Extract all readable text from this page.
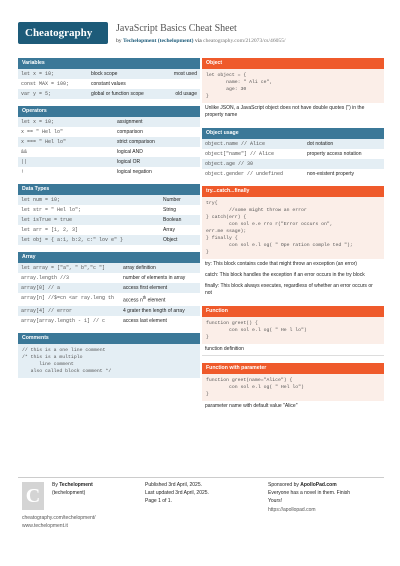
Cheatography	JavaScript Basics Cheat Sheet
by Techelopment (techelopment) via cheatography.com/212073/cs/46055/
Variables
let x = 10;	block scope	most used
const MAX = 100;	constant values	
var y = 5;	global or function scope	old usage
Operators
let x = 10;	assignment
x == " Hel lo"	comparison
x === " Hel lo"	strict comparison
&&	logical AND
||	logical OR
!	logical negation
Data Types
let num = 10;	Number
let str = " Hel lo";	String
let isTrue = true	Boolean
let arr = [1, 2, 3]	Array
let obj = { a:1, b:2, c:" lov e" }	Object
Array
let array = ["a", " b","c "]	array definition
array.length //3	number of elements in array
array[0] // a	access first element
array[n] //$=cn <ar ray.leng th	access $n^{th}$ element
array[4] // error	4 grater then length of array
array[array.length - 1] // c	access last element
Comments
// this is a one line comment
/* this is a multiplo
line comment
also called block comment */
Object
let object = {
name: " Ali ce",
age: 30
}
Unlike JSON, a JavaScript object does not have double quotes (") in the property name
Object usage
object.name // Alice	dot notation
object["name"] // Alice	property access notation
object.age // 30	
object.gender // undefined	non-existent property
try...catch...finally
try{
//some might throw an error
} catch(err) {
con sol e.e rro r("Error occurs on",
err.me ssage);
} finally {
con sol e.l og( " Ope ration comple ted ");
}
try: This block contains code that might throw an exception (an error)
catch: This block handles the exception if an error occurs in the try block
finally: This block always executes, regardless of whether an error occurs or not
Function
function greet() {
con sol e.l og( " He l lo")
}
function definition
Function with parameter
function greet(name="Alice") {
con sol e.l og( " Hel lo")
}
parameter name with default value "Alice"
C	By Techelopment
(techelopment)
cheatography.com/techelopment/
www.techelopment.it
Published 3rd April, 2025.
Last updated 3rd April, 2025.
Page 1 of 1.
Sponsored by ApolloPad.com
Everyone has a novel in them. Finish
Yours!
https://apollopad.com
